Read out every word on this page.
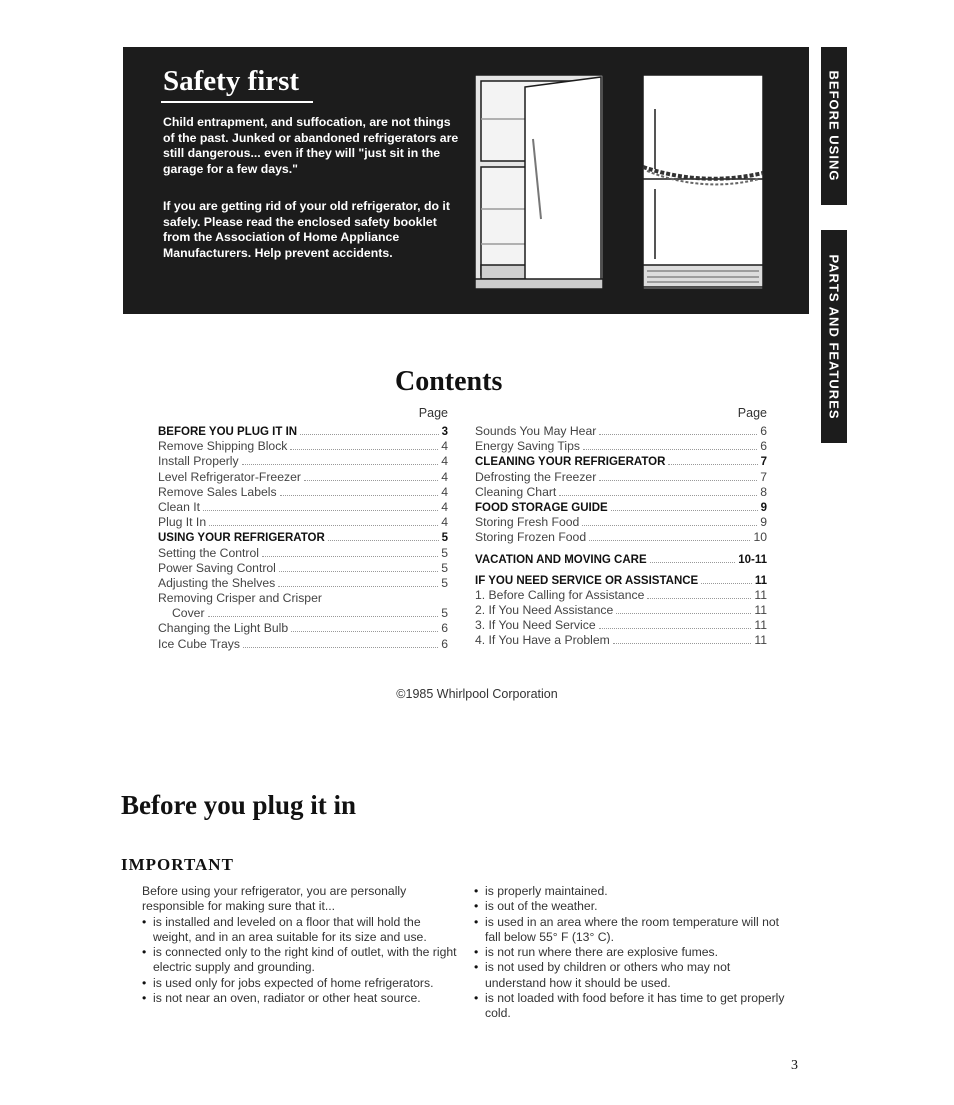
Safety first
Child entrapment, and suffocation, are not things of the past. Junked or abandoned refrigerators are still dangerous... even if they will "just sit in the garage for a few days."
If you are getting rid of your old refrigerator, do it safely. Please read the enclosed safety booklet from the Association of Home Appliance Manufacturers. Help prevent accidents.
BEFORE USING
PARTS AND FEATURES
Contents
Page
BEFORE YOU PLUG IT IN	3
Remove Shipping Block	4
Install Properly	4
Level Refrigerator-Freezer	4
Remove Sales Labels	4
Clean It	4
Plug It In	4
USING YOUR REFRIGERATOR	5
Setting the Control	5
Power Saving Control	5
Adjusting the Shelves	5
Removing Crisper and Crisper
Cover	5
Changing the Light Bulb	6
Ice Cube Trays	6
Page
Sounds You May Hear	6
Energy Saving Tips	6
CLEANING YOUR REFRIGERATOR	7
Defrosting the Freezer	7
Cleaning Chart	8
FOOD STORAGE GUIDE	9
Storing Fresh Food	9
Storing Frozen Food	10
VACATION AND MOVING CARE	10-11
IF YOU NEED SERVICE OR ASSISTANCE	11
1. Before Calling for Assistance	11
2. If You Need Assistance	11
3. If You Need Service	11
4. If You Have a Problem	11
©1985 Whirlpool Corporation
Before you plug it in
IMPORTANT
Before using your refrigerator, you are personally responsible for making sure that it...
• is installed and leveled on a floor that will hold the weight, and in an area suitable for its size and use.
• is connected only to the right kind of outlet, with the right electric supply and grounding.
• is used only for jobs expected of home refrigerators.
• is not near an oven, radiator or other heat source.
• is properly maintained.
• is out of the weather.
• is used in an area where the room temperature will not fall below 55° F (13° C).
• is not run where there are explosive fumes.
• is not used by children or others who may not understand how it should be used.
• is not loaded with food before it has time to get properly cold.
3
